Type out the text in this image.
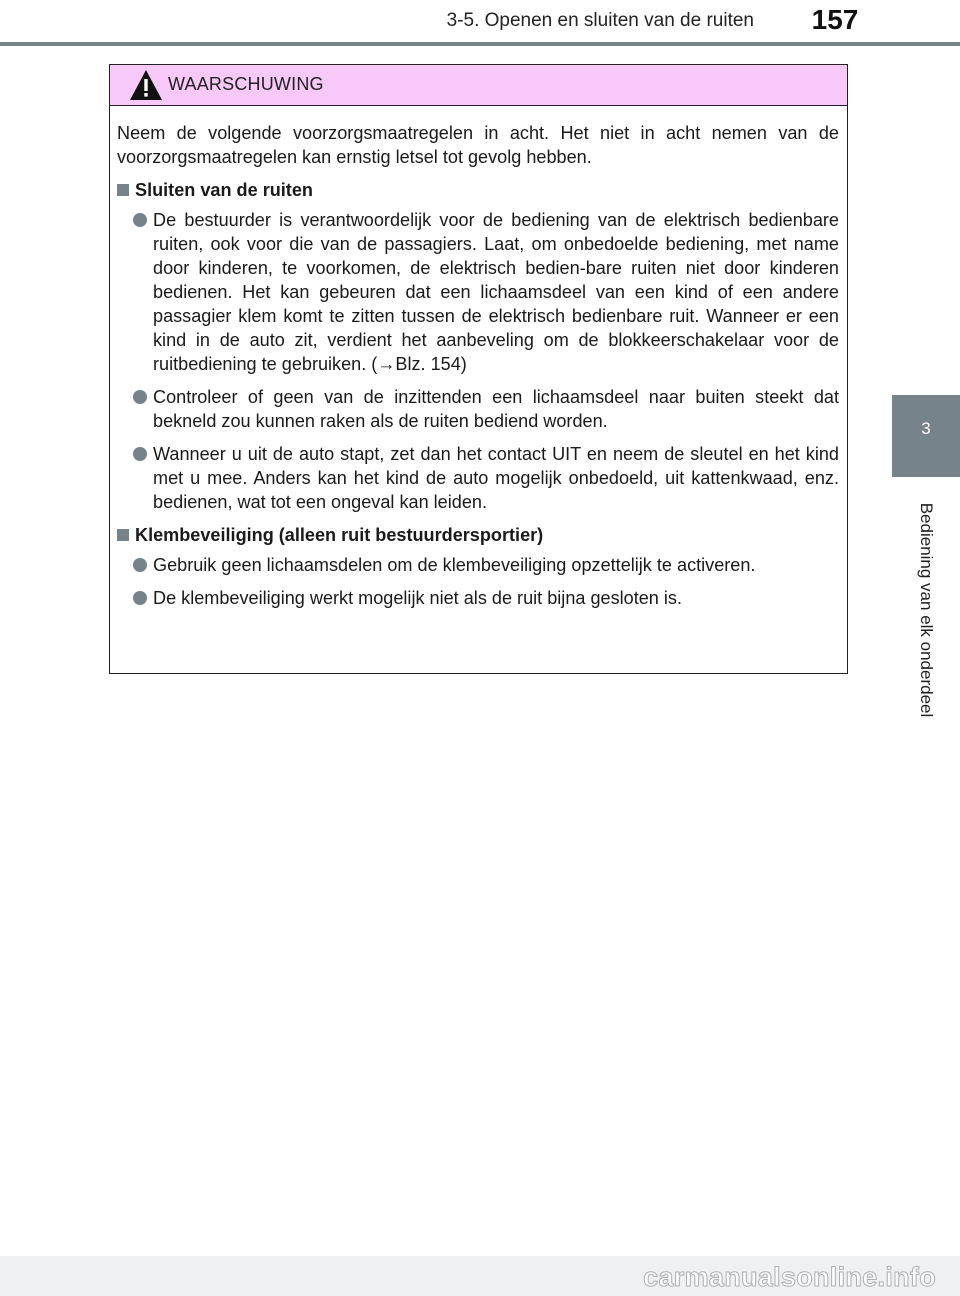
3-5. Openen en sluiten van de ruiten	157
3
Bediening van elk onderdeel
WAARSCHUWING

Neem de volgende voorzorgsmaatregelen in acht. Het niet in acht nemen van de voorzorgsmaatregelen kan ernstig letsel tot gevolg hebben.

Sluiten van de ruiten
De bestuurder is verantwoordelijk voor de bediening van de elektrisch bedienbare ruiten, ook voor die van de passagiers. Laat, om onbedoelde bediening, met name door kinderen, te voorkomen, de elektrisch bedien-bare ruiten niet door kinderen bedienen. Het kan gebeuren dat een lichaamsdeel van een kind of een andere passagier klem komt te zitten tussen de elektrisch bedienbare ruit. Wanneer er een kind in de auto zit, verdient het aanbeveling om de blokkeerschakelaar voor de ruitbediening te gebruiken. (→Blz. 154)
Controleer of geen van de inzittenden een lichaamsdeel naar buiten steekt dat bekneld zou kunnen raken als de ruiten bediend worden.
Wanneer u uit de auto stapt, zet dan het contact UIT en neem de sleutel en het kind met u mee. Anders kan het kind de auto mogelijk onbedoeld, uit kattenkwaad, enz. bedienen, wat tot een ongeval kan leiden.
Klembeveiliging (alleen ruit bestuurdersportier)
Gebruik geen lichaamsdelen om de klembeveiliging opzettelijk te activeren.
De klembeveiliging werkt mogelijk niet als de ruit bijna gesloten is.
carmanualsonline.info
